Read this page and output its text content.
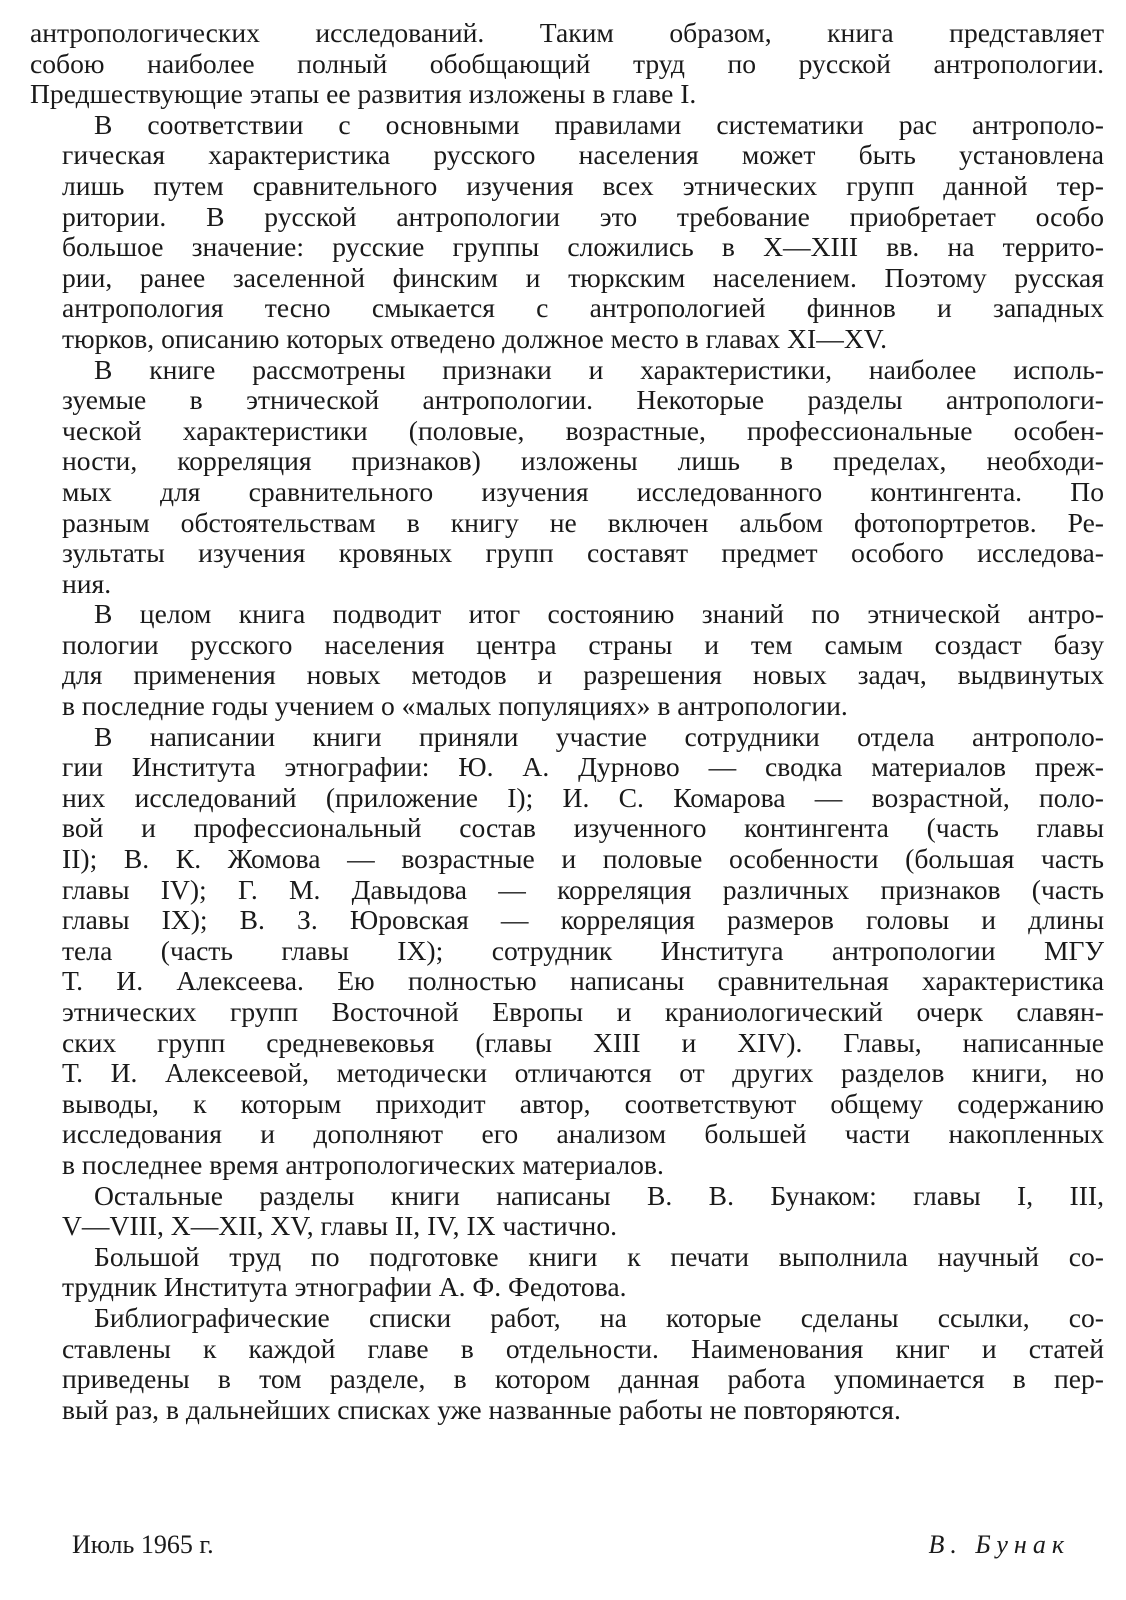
антропологических исследований. Таким образом, книга представляет
собою наиболее полный обобщающий труд по русской антропологии.
Предшествующие этапы ее развития изложены в главе I.
В соответствии с основными правилами систематики рас антрополо-
гическая характеристика русского населения может быть установлена
лишь путем сравнительного изучения всех этнических групп данной тер-
ритории. В русской антропологии это требование приобретает особо
большое значение: русские группы сложились в X—XIII вв. на террито-
рии, ранее заселенной финским и тюркским населением. Поэтому русская
антропология тесно смыкается с антропологией финнов и западных
тюрков, описанию которых отведено должное место в главах XI—XV.
В книге рассмотрены признаки и характеристики, наиболее исполь-
зуемые в этнической антропологии. Некоторые разделы антропологи-
ческой характеристики (половые, возрастные, профессиональные особен-
ности, корреляция признаков) изложены лишь в пределах, необходи-
мых для сравнительного изучения исследованного контингента. По
разным обстоятельствам в книгу не включен альбом фотопортретов. Ре-
зультаты изучения кровяных групп составят предмет особого исследова-
ния.
В целом книга подводит итог состоянию знаний по этнической антро-
пологии русского населения центра страны и тем самым создаст базу
для применения новых методов и разрешения новых задач, выдвинутых
в последние годы учением о «малых популяциях» в антропологии.
В написании книги приняли участие сотрудники отдела антрополо-
гии Института этнографии: Ю. А. Дурново — сводка материалов преж-
них исследований (приложение I); И. С. Комарова — возрастной, поло-
вой и профессиональный состав изученного контингента (часть главы
II); В. К. Жомова — возрастные и половые особенности (большая часть
главы IV); Г. М. Давыдова — корреляция различных признаков (часть
главы IX); В. З. Юровская — корреляция размеров головы и длины
тела (часть главы IX); сотрудник Институга антропологии МГУ
Т. И. Алексеева. Ею полностью написаны сравнительная характеристика
этнических групп Восточной Европы и краниологический очерк славян-
ских групп средневековья (главы XIII и XIV). Главы, написанные
Т. И. Алексеевой, методически отличаются от других разделов книги, но
выводы, к которым приходит автор, соответствуют общему содержанию
исследования и дополняют его анализом большей части накопленных
в последнее время антропологических материалов.
Остальные разделы книги написаны В. В. Бунаком: главы I, III,
V—VIII, X—XII, XV, главы II, IV, IX частично.
Большой труд по подготовке книги к печати выполнила научный со-
трудник Института этнографии А. Ф. Федотова.
Библиографические списки работ, на которые сделаны ссылки, со-
ставлены к каждой главе в отдельности. Наименования книг и статей
приведены в том разделе, в котором данная работа упоминается в пер-
вый раз, в дальнейших списках уже названные работы не повторяются.
Июль 1965 г.	В. Бунак
